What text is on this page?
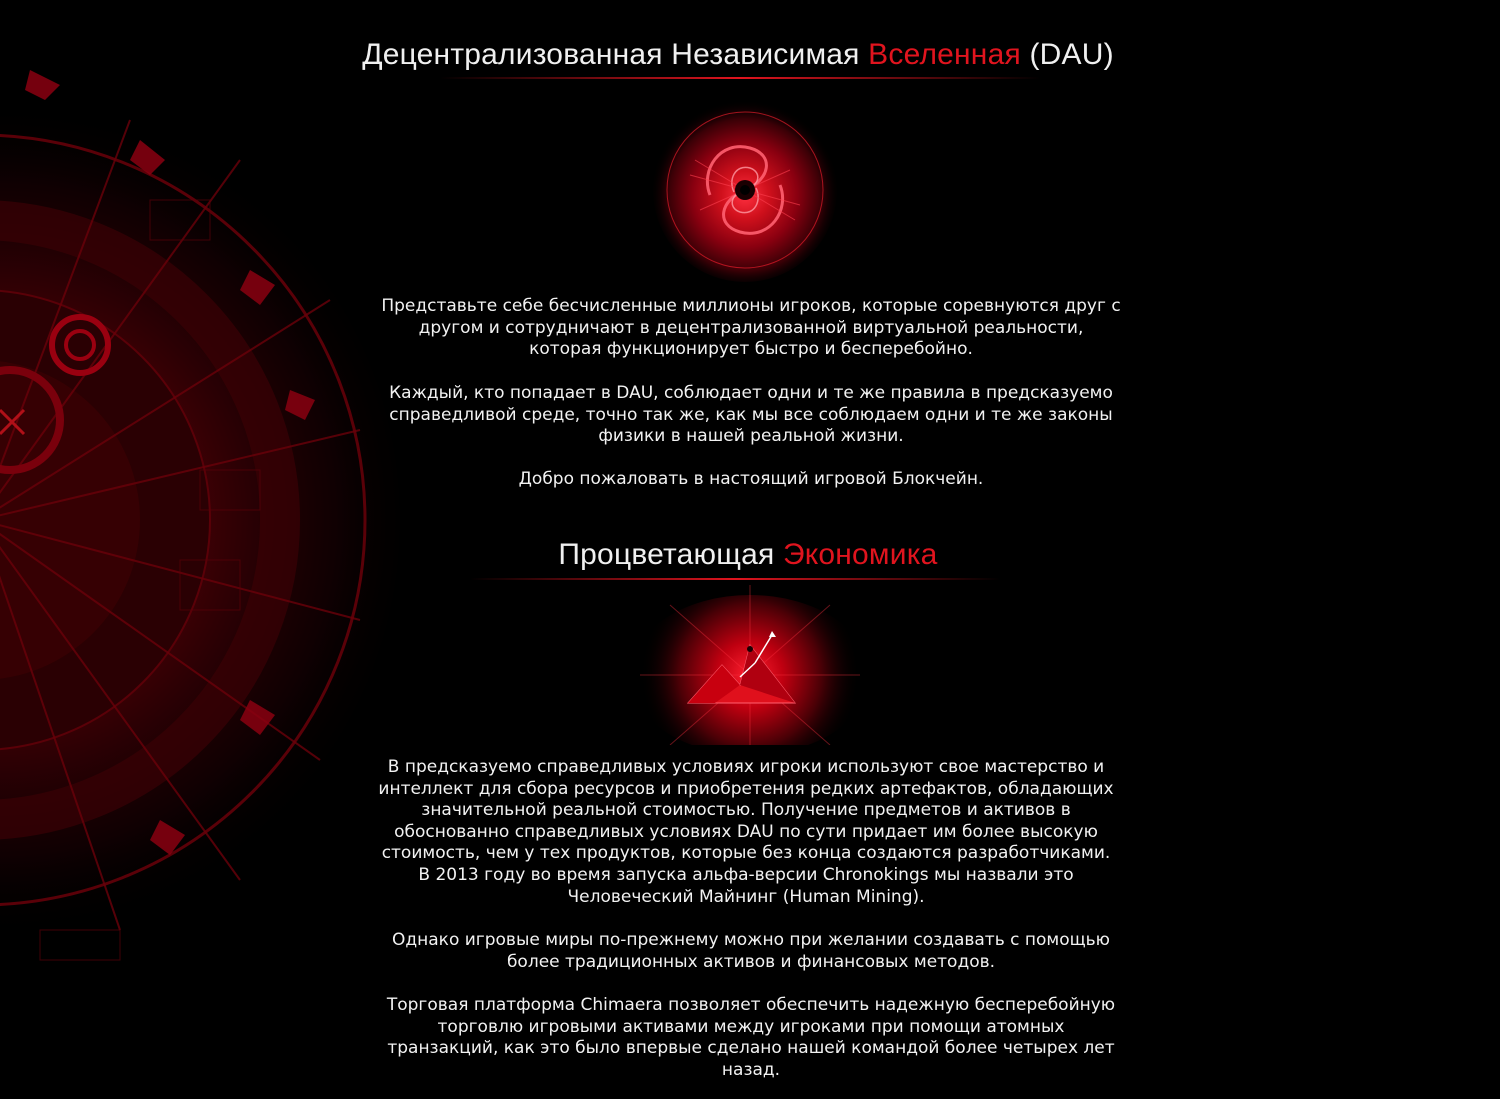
Децентрализованная Независимая Вселенная (DAU)

Представьте себе бесчисленные миллионы игроков, которые соревнуются друг с другом и сотрудничают в децентрализованной виртуальной реальности, которая функционирует быстро и бесперебойно.

Каждый, кто попадает в DAU, соблюдает одни и те же правила в предсказуемо справедливой среде, точно так же, как мы все соблюдаем одни и те же законы физики в нашей реальной жизни.

Добро пожаловать в настоящий игровой Блокчейн.

Процветающая Экономика

В предсказуемо справедливых условиях игроки используют свое мастерство и интеллект для сбора ресурсов и приобретения редких артефактов, обладающих значительной реальной стоимостью. Получение предметов и активов в обоснованно справедливых условиях DAU по сути придает им более высокую стоимость, чем у тех продуктов, которые без конца создаются разработчиками. В 2013 году во время запуска альфа-версии Chronokings мы назвали это Человеческий Майнинг (Human Mining).

Однако игровые миры по-прежнему можно при желании создавать с помощью более традиционных активов и финансовых методов.

Торговая платформа Chimaera позволяет обеспечить надежную бесперебойную торговлю игровыми активами между игроками при помощи атомных транзакций, как это было впервые сделано нашей командой более четырех лет назад.
